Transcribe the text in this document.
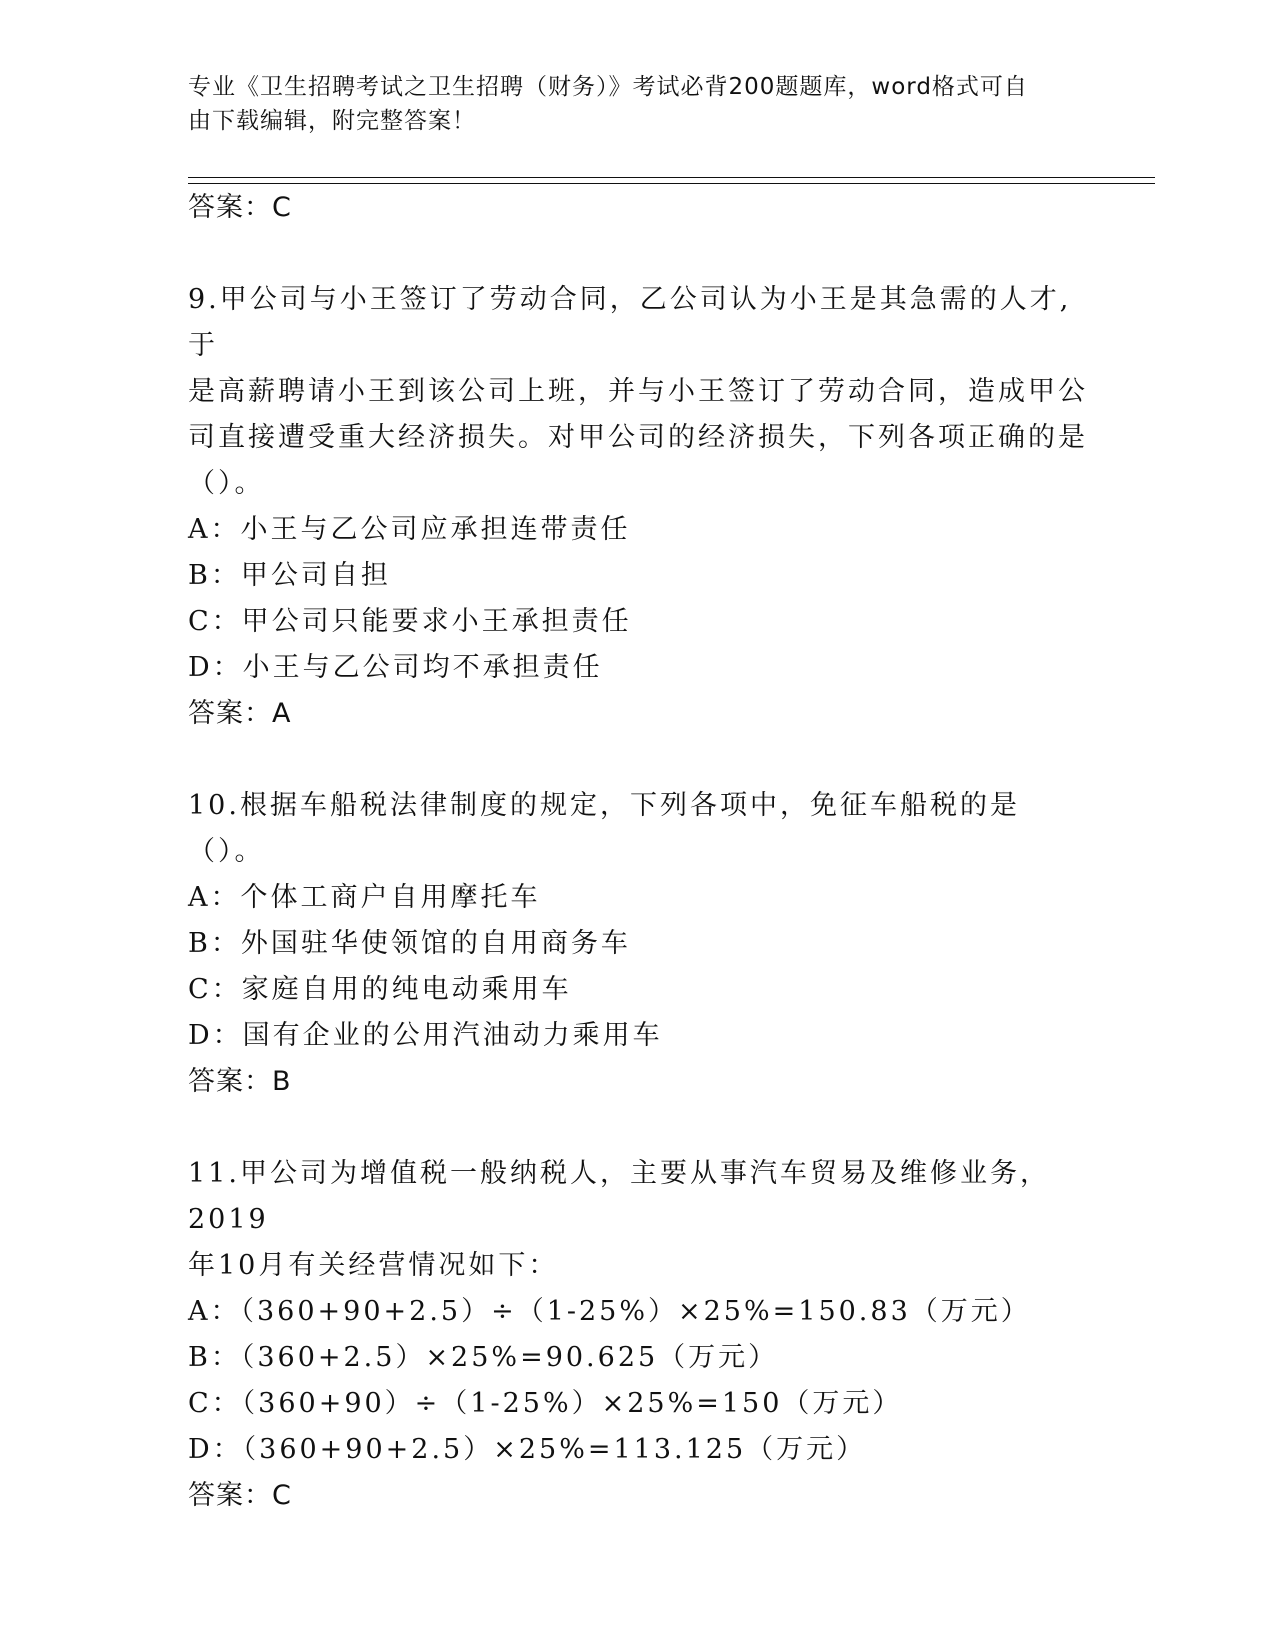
专业《卫生招聘考试之卫生招聘（财务）》考试必背200题题库，word格式可自
由下载编辑，附完整答案！
答案：C
9.甲公司与小王签订了劳动合同，乙公司认为小王是其急需的人才,于
是高薪聘请小王到该公司上班，并与小王签订了劳动合同，造成甲公
司直接遭受重大经济损失。对甲公司的经济损失，下列各项正确的是
（）。
A：小王与乙公司应承担连带责任
B：甲公司自担
C：甲公司只能要求小王承担责任
D：小王与乙公司均不承担责任
答案：A
10.根据车船税法律制度的规定，下列各项中，免征车船税的是（）。
A：个体工商户自用摩托车
B：外国驻华使领馆的自用商务车
C：家庭自用的纯电动乘用车
D：国有企业的公用汽油动力乘用车
答案：B
11.甲公司为增值税一般纳税人，主要从事汽车贸易及维修业务，2019
年10月有关经营情况如下：
A：（360+90+2.5）÷（1-25%）×25%=150.83（万元）
B：（360+2.5）×25%=90.625（万元）
C：（360+90）÷（1-25%）×25%=150（万元）
D：（360+90+2.5）×25%=113.125（万元）
答案：C
